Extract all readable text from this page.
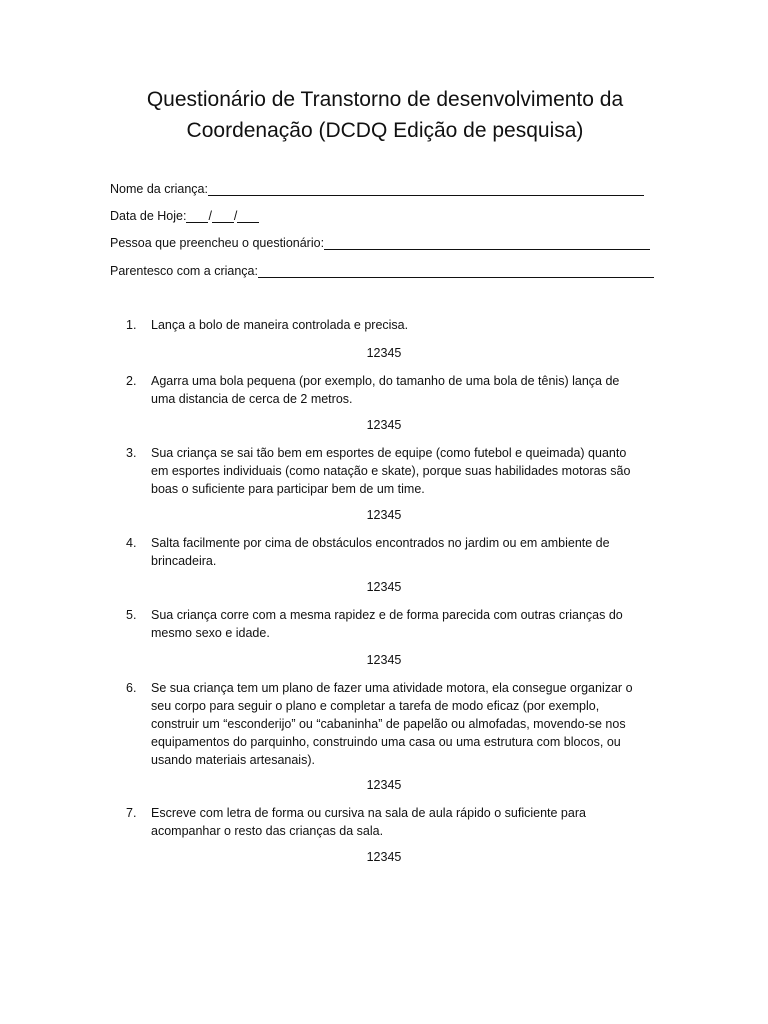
Questionário de Transtorno de desenvolvimento da
Coordenação (DCDQ Edição de pesquisa)
Nome da criança:
Data de Hoje: / /
Pessoa que preencheu o questionário:
Parentesco com a criança:
1.	Lança a bolo de maneira controlada e precisa.
12345
2.	Agarra uma bola pequena (por exemplo, do tamanho de uma bola de tênis) lança de uma distancia de cerca de 2 metros.
12345
3.	Sua criança se sai tão bem em esportes de equipe (como futebol e queimada) quanto em esportes individuais (como natação e skate), porque suas habilidades motoras são boas o suficiente para participar bem de um time.
12345
4.	Salta facilmente por cima de obstáculos encontrados no jardim ou em ambiente de brincadeira.
12345
5.	Sua criança corre com a mesma rapidez e de forma parecida com outras crianças do mesmo sexo e idade.
12345
6.	Se sua criança tem um plano de fazer uma atividade motora, ela consegue organizar o seu corpo para seguir o plano e completar a tarefa de modo eficaz (por exemplo, construir um “esconderijo” ou “cabaninha” de papelão ou almofadas, movendo-se nos equipamentos do parquinho, construindo uma casa ou uma estrutura com blocos, ou usando materiais artesanais).
12345
7.	Escreve com letra de forma ou cursiva na sala de aula rápido o suficiente para acompanhar o resto das crianças da sala.
12345
